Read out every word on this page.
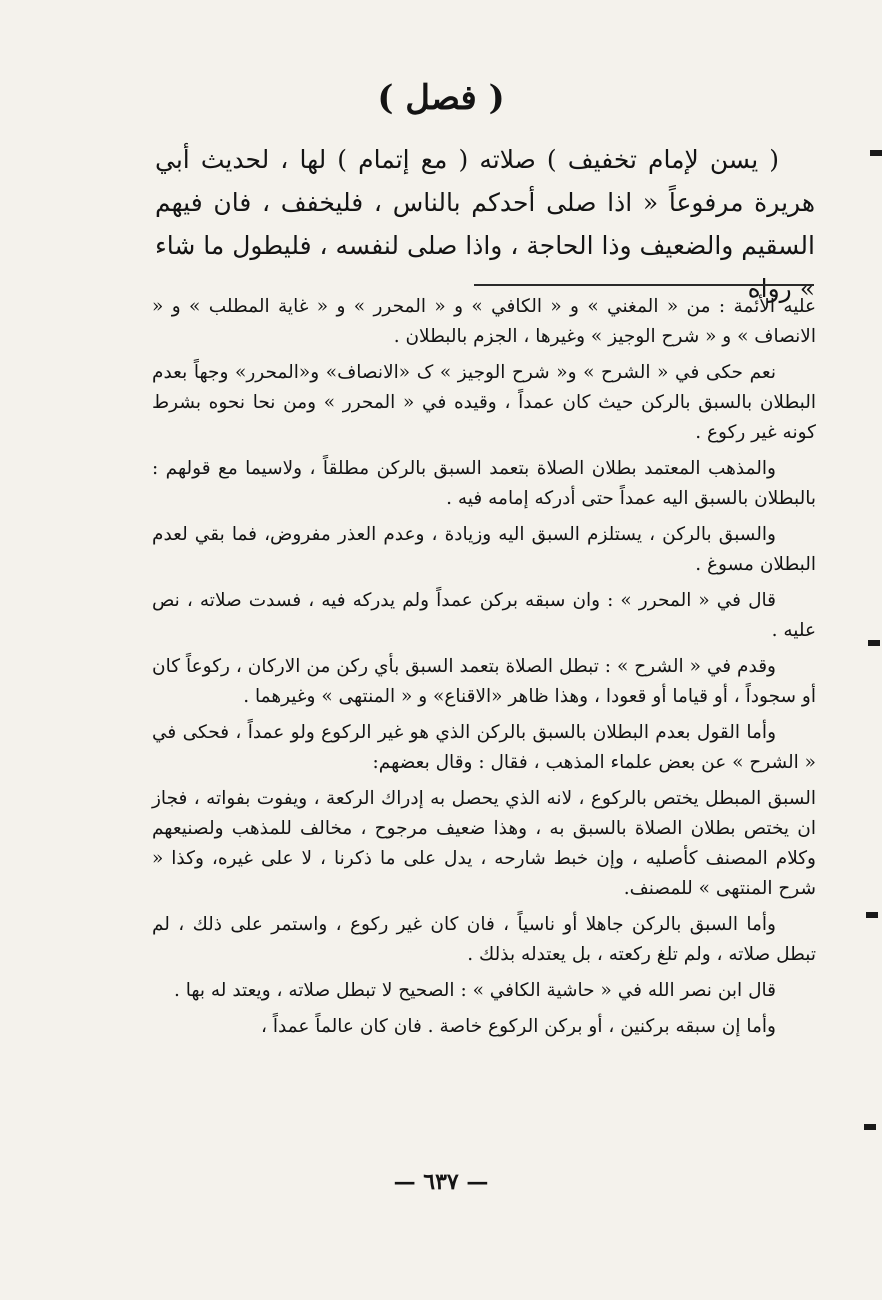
( فصل )

( يسن لإمام تخفيف ) صلاته ( مع إتمام ) لها ، لحديث أبي هريرة مرفوعاً « اذا صلى أحدكم بالناس ، فليخفف ، فان فيهم السقيم والضعيف وذا الحاجة ، واذا صلى لنفسه ، فليطول ما شاء » رواه

عليه الأئمة : من « المغني » و « الكافي » و « المحرر » و « غاية المطلب » و « الانصاف » و « شرح الوجيز » وغيرها ، الجزم بالبطلان .

نعم حكى في « الشرح » و« شرح الوجيز » ک «الانصاف» و«المحرر» وجهاً بعدم البطلان بالسبق بالركن حيث كان عمداً ، وقيده في « المحرر » ومن نحا نحوه بشرط كونه غير ركوع .

والمذهب المعتمد بطلان الصلاة بتعمد السبق بالركن مطلقاً ، ولاسيما مع قولهم : بالبطلان بالسبق اليه عمداً حتى أدركه إمامه فيه .

والسبق بالركن ، يستلزم السبق اليه وزيادة ، وعدم العذر مفروض، فما بقي لعدم البطلان مسوغ .

قال في « المحرر » : وان سبقه بركن عمداً ولم يدركه فيه ، فسدت صلاته ، نص عليه .

وقدم في « الشرح » : تبطل الصلاة بتعمد السبق بأي ركن من الاركان ، ركوعاً كان أو سجوداً ، أو قياما أو قعودا ، وهذا ظاهر «الاقناع» و « المنتهى » وغيرهما .

وأما القول بعدم البطلان بالسبق بالركن الذي هو غير الركوع ولو عمداً ، فحكى في « الشرح » عن بعض علماء المذهب ، فقال : وقال بعضهم:

السبق المبطل يختص بالركوع ، لانه الذي يحصل به إدراك الركعة ، ويفوت بفواته ، فجاز ان يختص بطلان الصلاة بالسبق به ، وهذا ضعيف مرجوح ، مخالف للمذهب ولصنيعهم وكلام المصنف كأصليه ، وإن خبط شارحه ، يدل على ما ذكرنا ، لا على غيره، وكذا « شرح المنتهى » للمصنف.

وأما السبق بالركن جاهلا أو ناسياً ، فان كان غير ركوع ، واستمر على ذلك ، لم تبطل صلاته ، ولم تلغ ركعته ، بل يعتدله بذلك .

قال ابن نصر الله في « حاشية الكافي » : الصحيح لا تبطل صلاته ، ويعتد له بها .

وأما إن سبقه بركنين ، أو بركن الركوع خاصة . فان كان عالماً عمداً ،

— ٦٣٧ —
